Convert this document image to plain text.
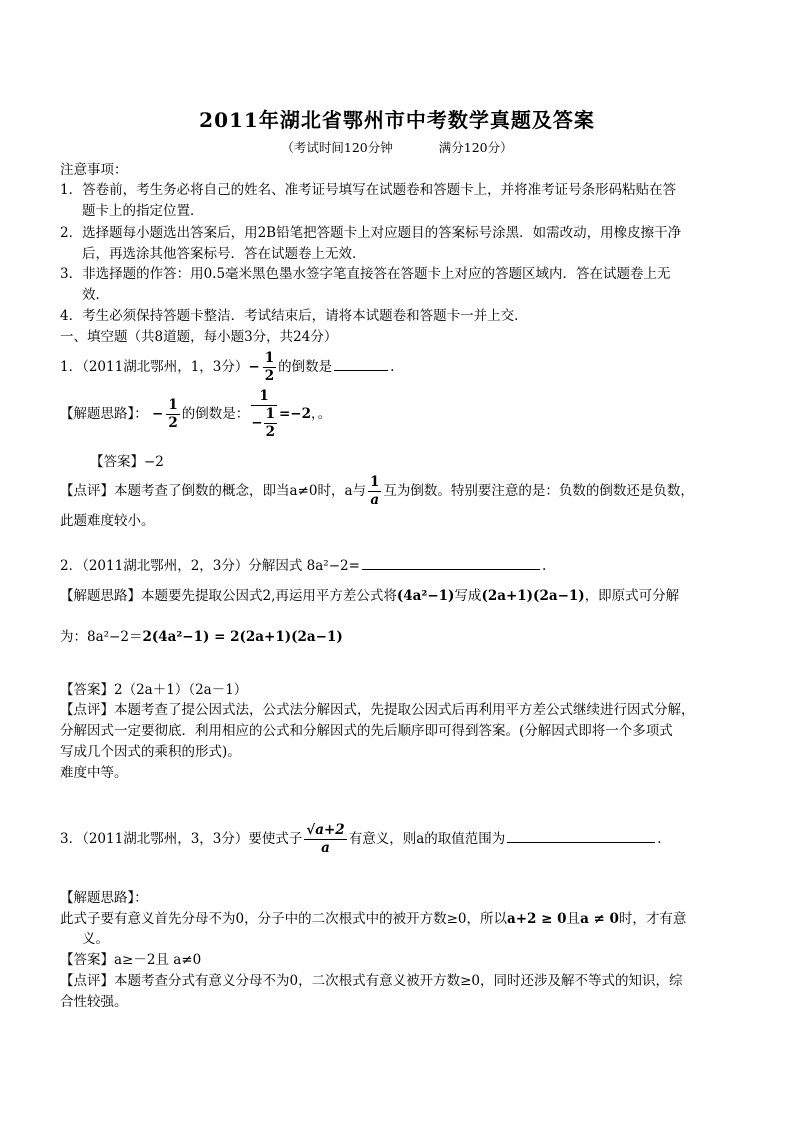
2011年湖北省鄂州市中考数学真题及答案
（考试时间120分钟	满分120分）
注意事项：
1．答卷前，考生务必将自己的姓名、准考证号填写在试题卷和答题卡上，并将准考证号条形码粘贴在答
题卡上的指定位置．
2．选择题每小题选出答案后，用2B铅笔把答题卡上对应题目的答案标号涂黑．如需改动，用橡皮擦干净
后，再选涂其他答案标号．答在试题卷上无效．
3．非选择题的作答：用0.5毫米黑色墨水签字笔直接答在答题卡上对应的答题区域内．答在试题卷上无
效．
4．考生必须保持答题卡整洁．考试结束后，请将本试题卷和答题卡一并上交．
一、填空题（共8道题，每小题3分，共24分）
1．（2011湖北鄂州，1，3分）− $\frac{1}{2}$ 的倒数是	.
【解题思路】： − $\frac{1}{2}$ 的倒数是： $\frac{1}{- \frac{1}{2}} =-2$，。
【答案】−2
【点评】本题考查了倒数的概念，即当a≠0时，a与 $\frac{1}{a}$ 互为倒数。特别要注意的是：负数的倒数还是负数，
此题难度较小。
2．（2011湖北鄂州，2，3分）分解因式 8a²−2=	.
【解题思路】本题要先提取公因式2,再运用平方差公式将(4a²−1)写成(2a+1)(2a−1)，即原式可分解
为：8a²−2＝2(4a²−1) = 2(2a+1)(2a−1)
【答案】2（2a＋1）（2a－1）
【点评】本题考查了提公因式法，公式法分解因式，先提取公因式后再利用平方差公式继续进行因式分解，
分解因式一定要彻底．利用相应的公式和分解因式的先后顺序即可得到答案。(分解因式即将一个多项式
写成几个因式的乘积的形式)。
难度中等。
3．（2011湖北鄂州，3，3分）要使式子 $\frac{√a+2}{a}$ 有意义，则a的取值范围为	.
【解题思路】：
此式子要有意义首先分母不为0，分子中的二次根式中的被开方数≥0，所以a+2 ≥ 0且a ≠ 0时，才有意
义。
【答案】a≥－2且 a≠0
【点评】本题考查分式有意义分母不为0，二次根式有意义被开方数≥0，同时还涉及解不等式的知识，综
合性较强。
